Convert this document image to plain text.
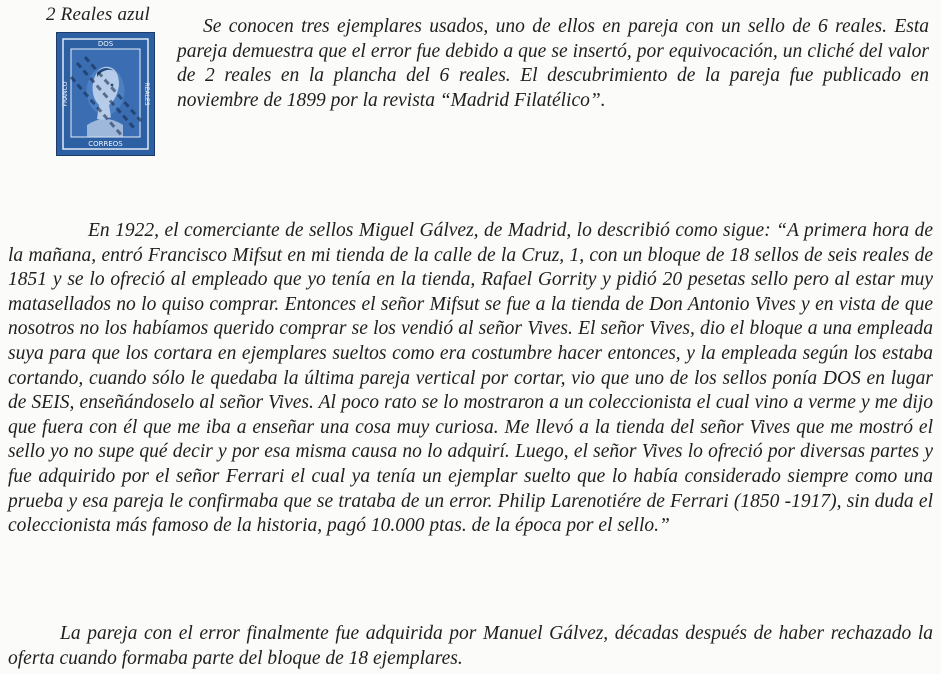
2 Reales azul
DOS
CORREOS
FRANCO	REALES
Se conocen tres ejemplares usados, uno de ellos en pareja con un sello de 6 reales. Esta pareja demuestra que el error fue debido a que se insertó, por equivocación, un cliché del valor de 2 reales en la plancha del 6 reales. El descubrimiento de la pareja fue publicado en noviembre de 1899 por la revista “Madrid Filatélico”.
En 1922, el comerciante de sellos Miguel Gálvez, de Madrid, lo describió como sigue: “A primera hora de la mañana, entró Francisco Mifsut en mi tienda de la calle de la Cruz, 1, con un bloque de 18 sellos de seis reales de 1851 y se lo ofreció al empleado que yo tenía en la tienda, Rafael Gorrity y pidió 20 pesetas sello pero al estar muy matasellados no lo quiso comprar. Entonces el señor Mifsut se fue a la tienda de Don Antonio Vives y en vista de que nosotros no los habíamos querido comprar se los vendió al señor Vives. El señor Vives, dio el bloque a una empleada suya para que los cortara en ejemplares sueltos como era costumbre hacer entonces, y la empleada según los estaba cortando, cuando sólo le quedaba la última pareja vertical por cortar, vio que uno de los sellos ponía DOS en lugar de SEIS, enseñándoselo al señor Vives. Al poco rato se lo mostraron a un coleccionista el cual vino a verme y me dijo que fuera con él que me iba a enseñar una cosa muy curiosa. Me llevó a la tienda del señor Vives que me mostró el sello yo no supe qué decir y por esa misma causa no lo adquirí. Luego, el señor Vives lo ofreció por diversas partes y fue adquirido por el señor Ferrari el cual ya tenía un ejemplar suelto que lo había considerado siempre como una prueba y esa pareja le confirmaba que se trataba de un error. Philip Larenotiére de Ferrari (1850 -1917), sin duda el coleccionista más famoso de la historia, pagó 10.000 ptas. de la época por el sello.”
La pareja con el error finalmente fue adquirida por Manuel Gálvez, décadas después de haber rechazado la oferta cuando formaba parte del bloque de 18 ejemplares.
